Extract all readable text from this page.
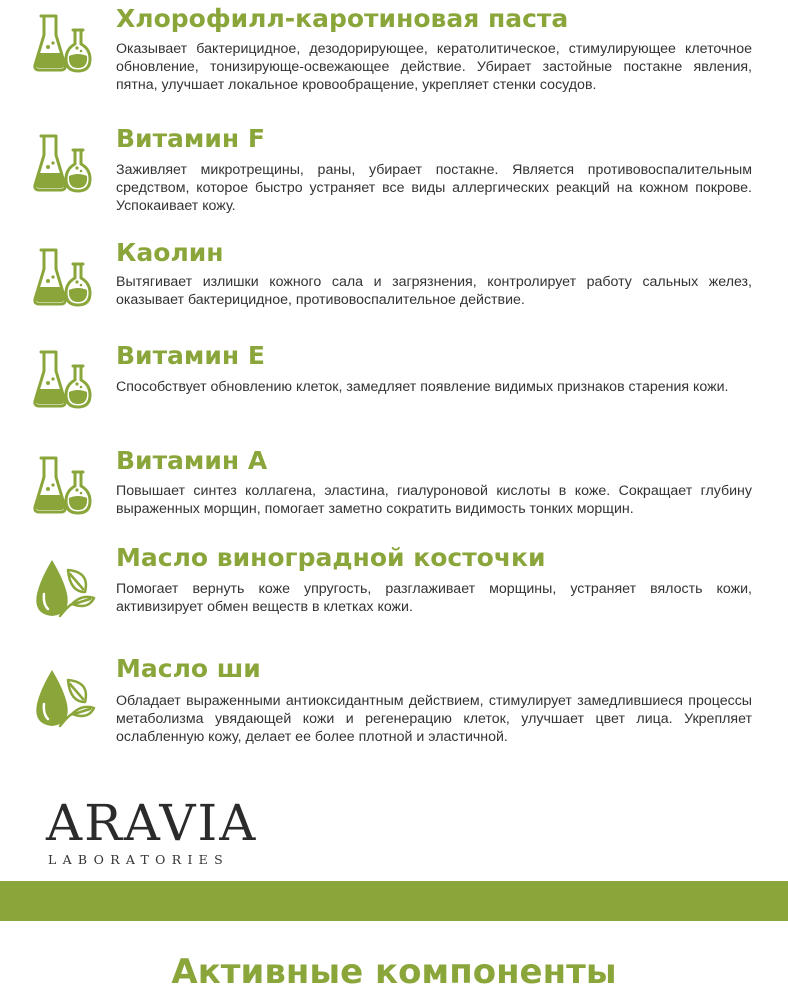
Хлорофилл-каротиновая паста

Оказывает бактерицидное, дезодорирующее, кератолитическое, стимулирующее клеточное обновление, тонизирующе-освежающее действие. Убирает застойные постакне явления, пятна, улучшает локальное кровообращение, укрепляет стенки сосудов.

Витамин F

Заживляет микротрещины, раны, убирает постакне. Является противовоспалительным средством, которое быстро устраняет все виды аллергических реакций на кожном покрове. Успокаивает кожу.

Каолин

Вытягивает излишки кожного сала и загрязнения, контролирует работу сальных желез, оказывает бактерицидное, противовоспалительное действие.

Витамин Е

Способствует обновлению клеток, замедляет появление видимых признаков старения кожи.

Витамин А

Повышает синтез коллагена, эластина, гиалуроновой кислоты в коже. Сокращает глубину выраженных морщин, помогает заметно сократить видимость тонких морщин.

Масло виноградной косточки

Помогает вернуть коже упругость, разглаживает морщины, устраняет вялость кожи, активизирует обмен веществ в клетках кожи.

Масло ши

Обладает выраженными антиоксидантным действием, стимулирует замедлившиеся процессы метаболизма увядающей кожи и регенерацию клеток, улучшает цвет лица. Укрепляет ослабленную кожу, делает ее более плотной и эластичной.

ARAVIA
LABORATORIES
Активные компоненты
